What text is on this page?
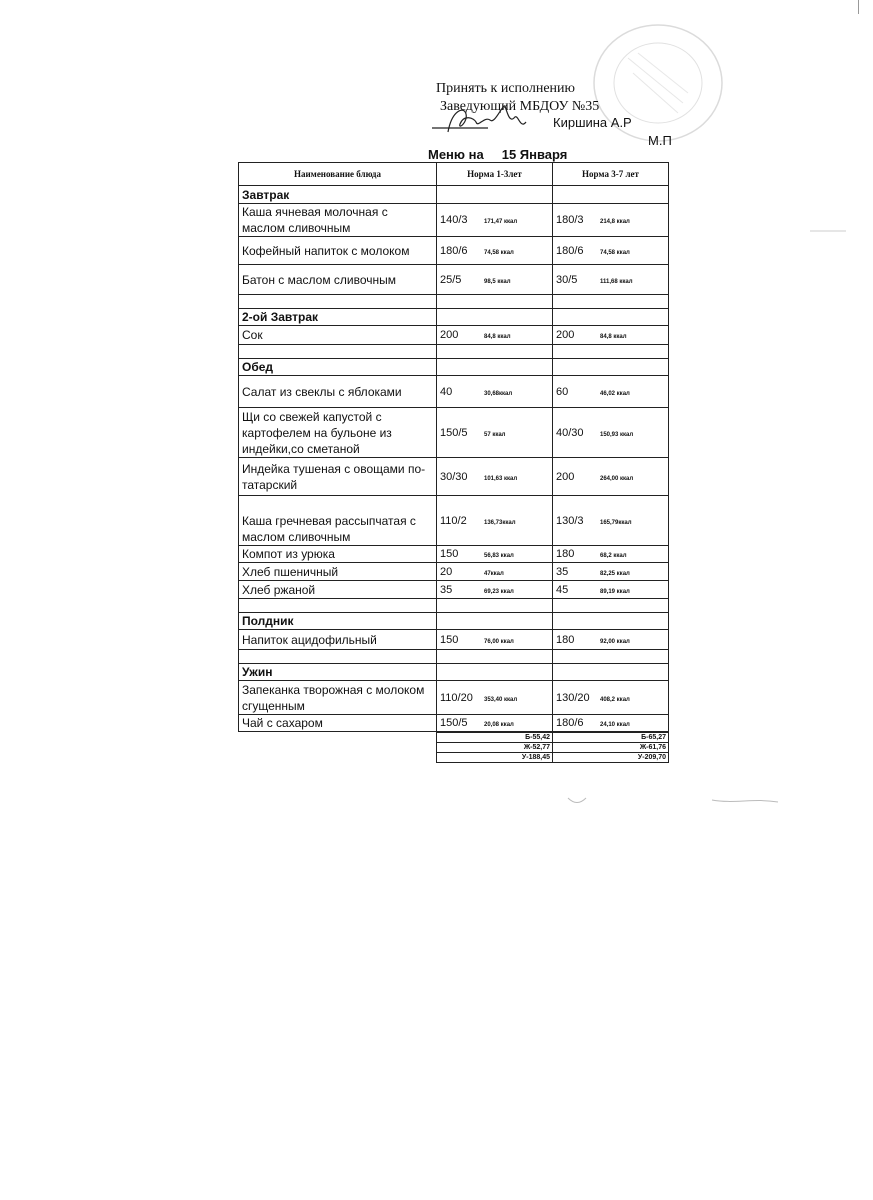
Принять к исполнению
Заведующий МБДОУ №35
Киршина А.Р
М.П
Меню на 15 Января
Наименование блюда	Норма 1-3лет	Норма 3-7 лет
Завтрак		
Каша ячневая молочная с маслом сливочным	140/3 171,47 ккал	180/3 214,8 ккал
Кофейный напиток с молоком	180/6 74,58 ккал	180/6 74,58 ккал
Батон с маслом сливочным	25/5 98,5 ккал	30/5 111,68 ккал

2-ой Завтрак		
Сок	200 84,8 ккал	200 84,8 ккал

Обед		
Салат из свеклы с яблоками	40 30,68ккал	60 46,02 ккал
Щи со свежей капустой с картофелем на бульоне из индейки,со сметаной	150/5 57 ккал	40/30 150,93 ккал
Индейка тушеная с овощами по-татарский	30/30 101,63 ккал	200 264,00 ккал
Каша гречневая рассыпчатая с маслом сливочным	110/2 136,73ккал	130/3 165,79ккал
Компот из урюка	150 56,83 ккал	180 68,2 ккал
Хлеб пшеничный	20 47ккал	35 82,25 ккал
Хлеб ржаной	35 69,23 ккал	45 89,19 ккал

Полдник		
Напиток ацидофильный	150 76,00 ккал	180 92,00 ккал

Ужин		
Запеканка творожная с молоком сгущенным	110/20 353,40 ккал	130/20 408,2 ккал
Чай с сахаром	150/5 20,08 ккал	180/6 24,10 ккал
Б-55,42	Б-65,27
Ж-52,77	Ж-61,76
У-188,45	У-209,70
